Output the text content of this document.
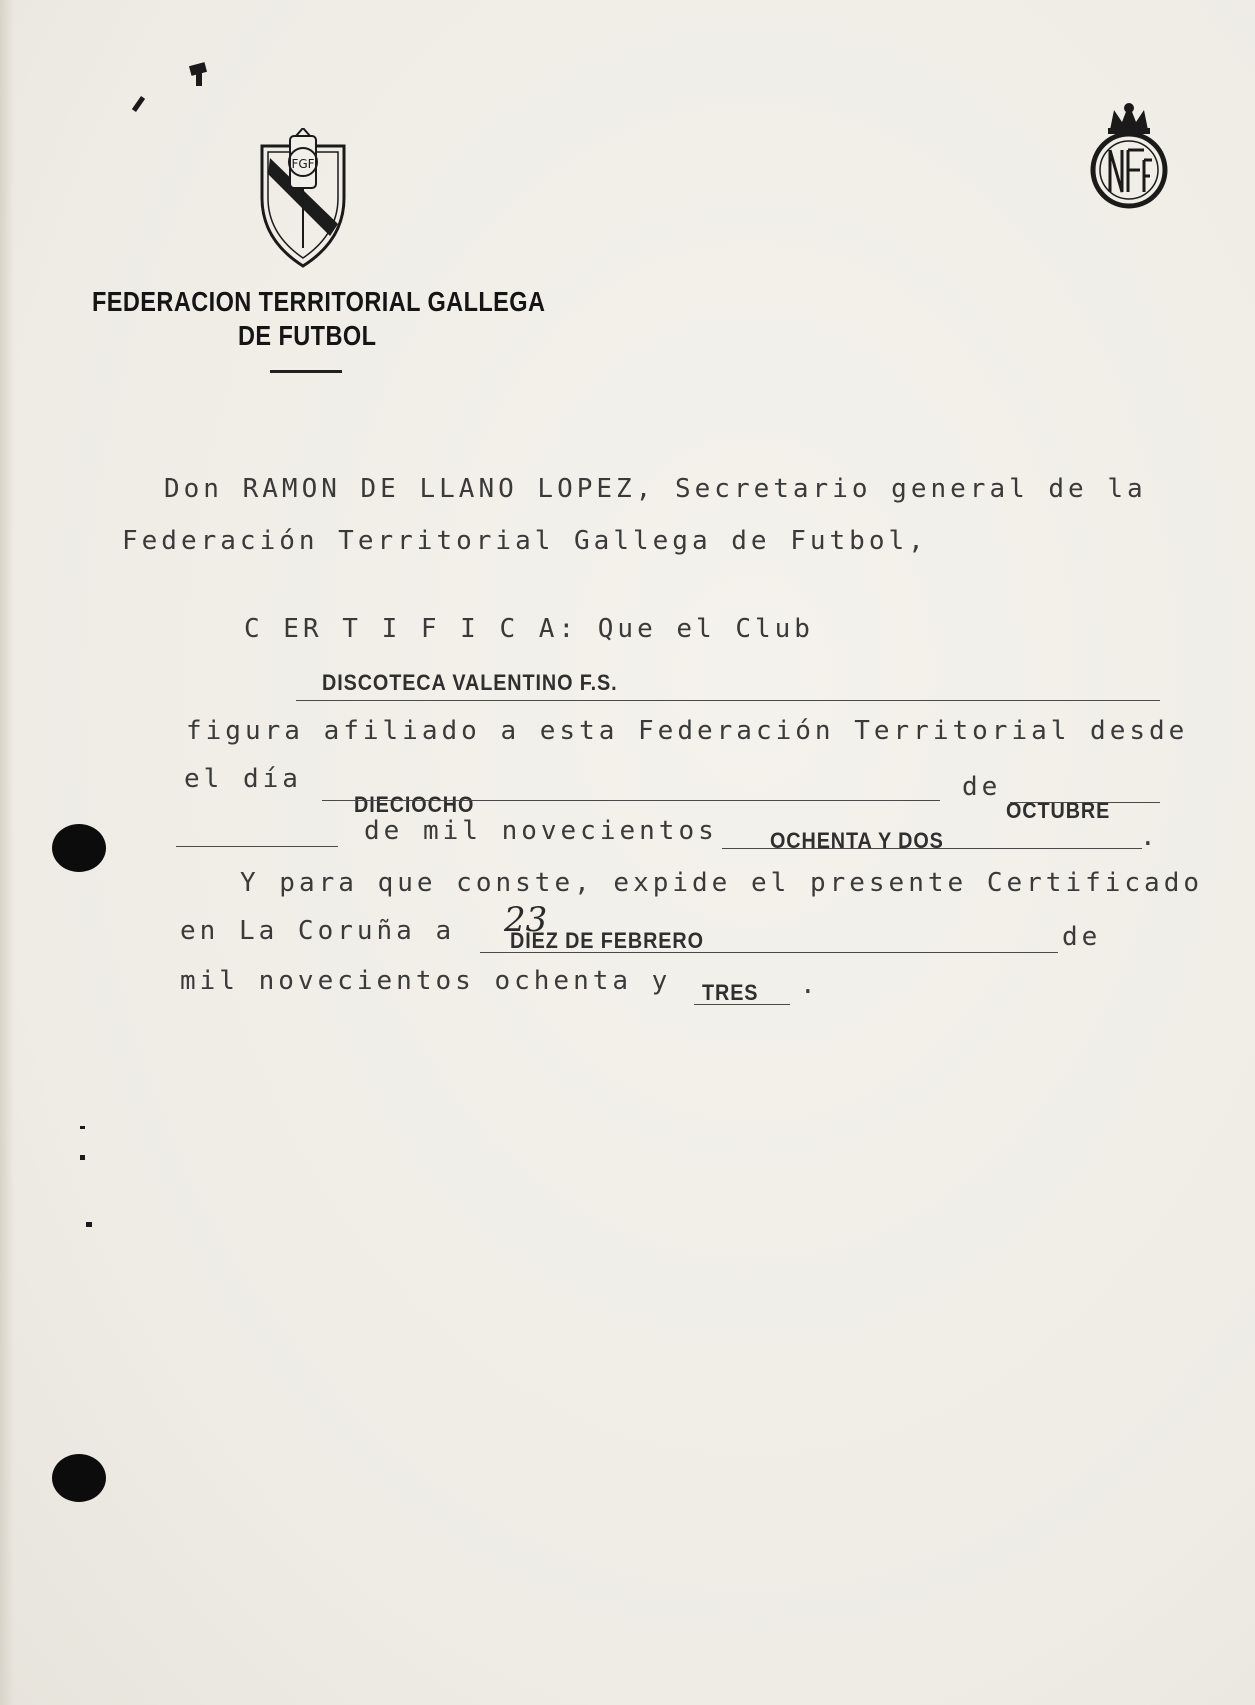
FGF
FEDERACION TERRITORIAL GALLEGA
DE FUTBOL
Don RAMON DE LLANO LOPEZ, Secretario general de la
Federación Territorial Gallega de Futbol,
C ER T I F I C A: Que el Club
DISCOTECA VALENTINO F.S.
figura afiliado a esta Federación Territorial desde
el día
DIECIOCHO
de
OCTUBRE
de mil novecientos OCHENTA Y DOS	.
Y para que conste, expide el presente Certificado
en La Coruña a 23
DIEZ DE FEBRERO	de
mil novecientos ochenta y TRES .
